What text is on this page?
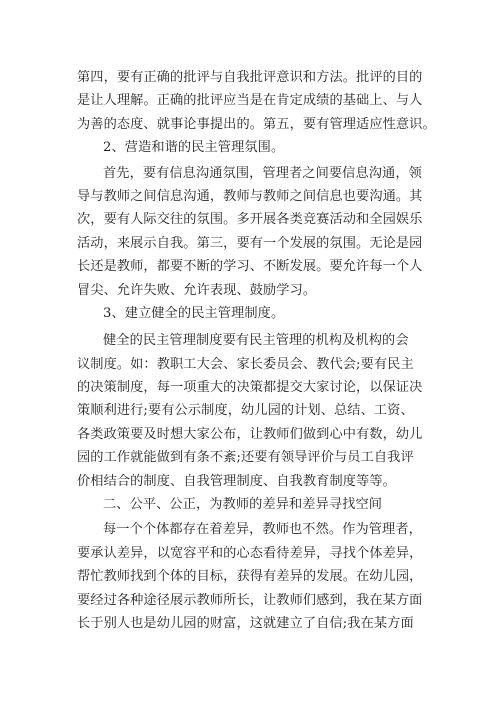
第四，要有正确的批评与自我批评意识和方法。批评的目的
是让人理解。正确的批评应当是在肯定成绩的基础上、与人
为善的态度、就事论事提出的。第五，要有管理适应性意识。
2、营造和谐的民主管理氛围。
首先，要有信息沟通氛围，管理者之间要信息沟通，领
导与教师之间信息沟通，教师与教师之间信息也要沟通。其
次，要有人际交往的氛围。多开展各类竞赛活动和全园娱乐
活动，来展示自我。第三，要有一个发展的氛围。无论是园
长还是教师，都要不断的学习、不断发展。要允许每一个人
冒尖、允许失败、允许表现、鼓励学习。
3、建立健全的民主管理制度。
健全的民主管理制度要有民主管理的机构及机构的会
议制度。如：教职工大会、家长委员会、教代会;要有民主
的决策制度，每一项重大的决策都提交大家讨论，以保证决
策顺利进行;要有公示制度，幼儿园的计划、总结、工资、
各类政策要及时想大家公布，让教师们做到心中有数，幼儿
园的工作就能做到有条不紊;还要有领导评价与员工自我评
价相结合的制度、自我管理制度、自我教育制度等等。
二、公平、公正，为教师的差异和差异寻找空间
每一个个体都存在着差异，教师也不然。作为管理者，
要承认差异，以宽容平和的心态看待差异，寻找个体差异，
帮忙教师找到个体的目标，获得有差异的发展。在幼儿园，
要经过各种途径展示教师所长，让教师们感到，我在某方面
长于别人也是幼儿园的财富，这就建立了自信;我在某方面
